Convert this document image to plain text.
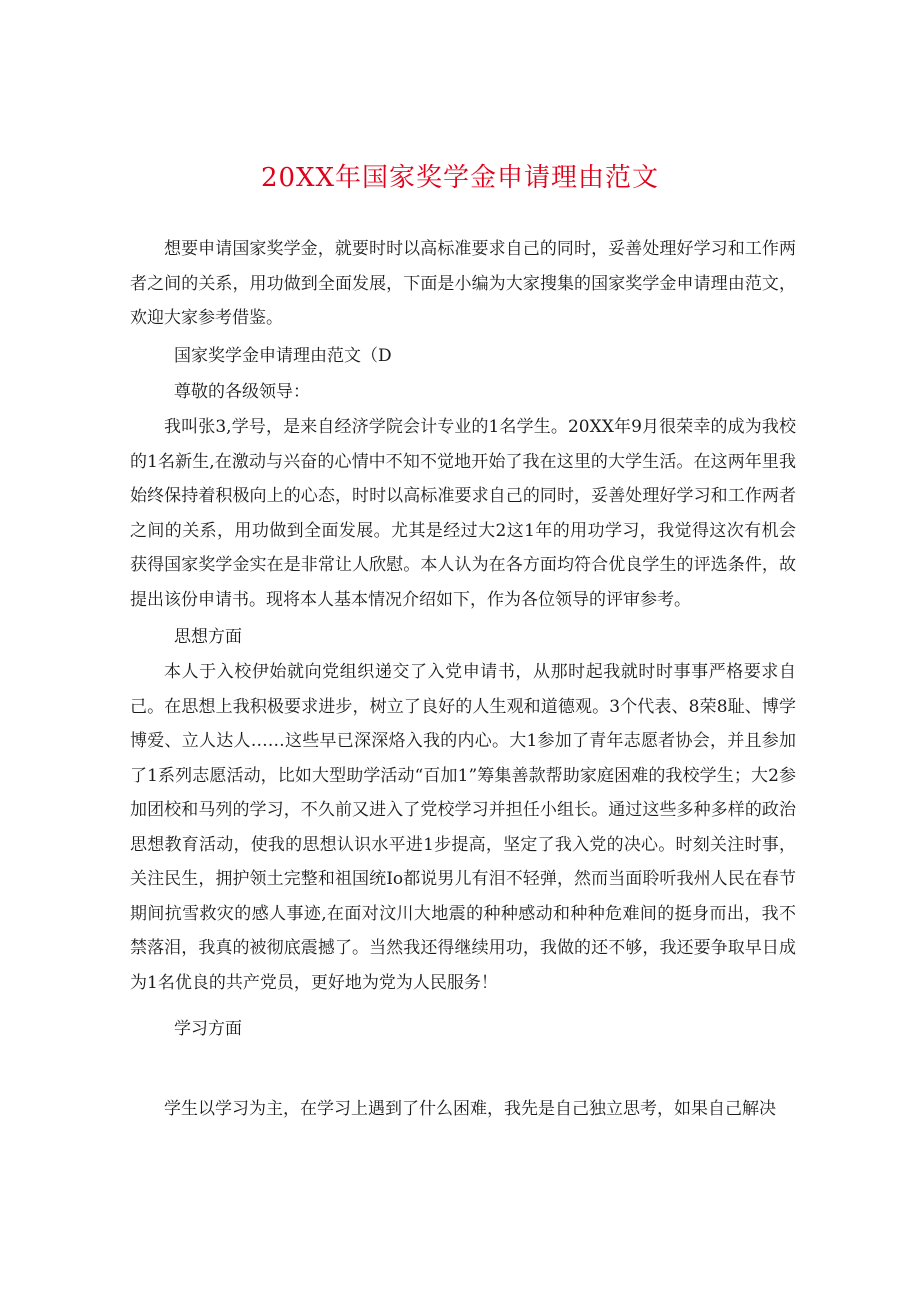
20XX年国家奖学金申请理由范文

想要申请国家奖学金，就要时时以高标准要求自己的同时，妥善处理好学习和工作两者之间的关系，用功做到全面发展，下面是小编为大家搜集的国家奖学金申请理由范文，欢迎大家参考借鉴。

国家奖学金申请理由范文（D

尊敬的各级领导：

我叫张3,学号，是来自经济学院会计专业的1名学生。20XX年9月很荣幸的成为我校的1名新生,在激动与兴奋的心情中不知不觉地开始了我在这里的大学生活。在这两年里我始终保持着积极向上的心态，时时以高标准要求自己的同时，妥善处理好学习和工作两者之间的关系，用功做到全面发展。尤其是经过大2这1年的用功学习，我觉得这次有机会获得国家奖学金实在是非常让人欣慰。本人认为在各方面均符合优良学生的评选条件，故提出该份申请书。现将本人基本情况介绍如下，作为各位领导的评审参考。

思想方面

本人于入校伊始就向党组织递交了入党申请书，从那时起我就时时事事严格要求自己。在思想上我积极要求进步，树立了良好的人生观和道德观。3个代表、8荣8耻、博学博爱、立人达人……这些早已深深烙入我的内心。大1参加了青年志愿者协会，并且参加了1系列志愿活动，比如大型助学活动“百加1”筹集善款帮助家庭困难的我校学生；大2参加团校和马列的学习，不久前又进入了党校学习并担任小组长。通过这些多种多样的政治思想教育活动，使我的思想认识水平进1步提高，坚定了我入党的决心。时刻关注时事，关注民生，拥护领土完整和祖国统Io都说男儿有泪不轻弹，然而当面聆听我州人民在春节期间抗雪救灾的感人事迹,在面对汶川大地震的种种感动和种种危难间的挺身而出，我不禁落泪，我真的被彻底震撼了。当然我还得继续用功，我做的还不够，我还要争取早日成为1名优良的共产党员，更好地为党为人民服务！

学习方面

学生以学习为主，在学习上遇到了什么困难，我先是自己独立思考，如果自己解决
